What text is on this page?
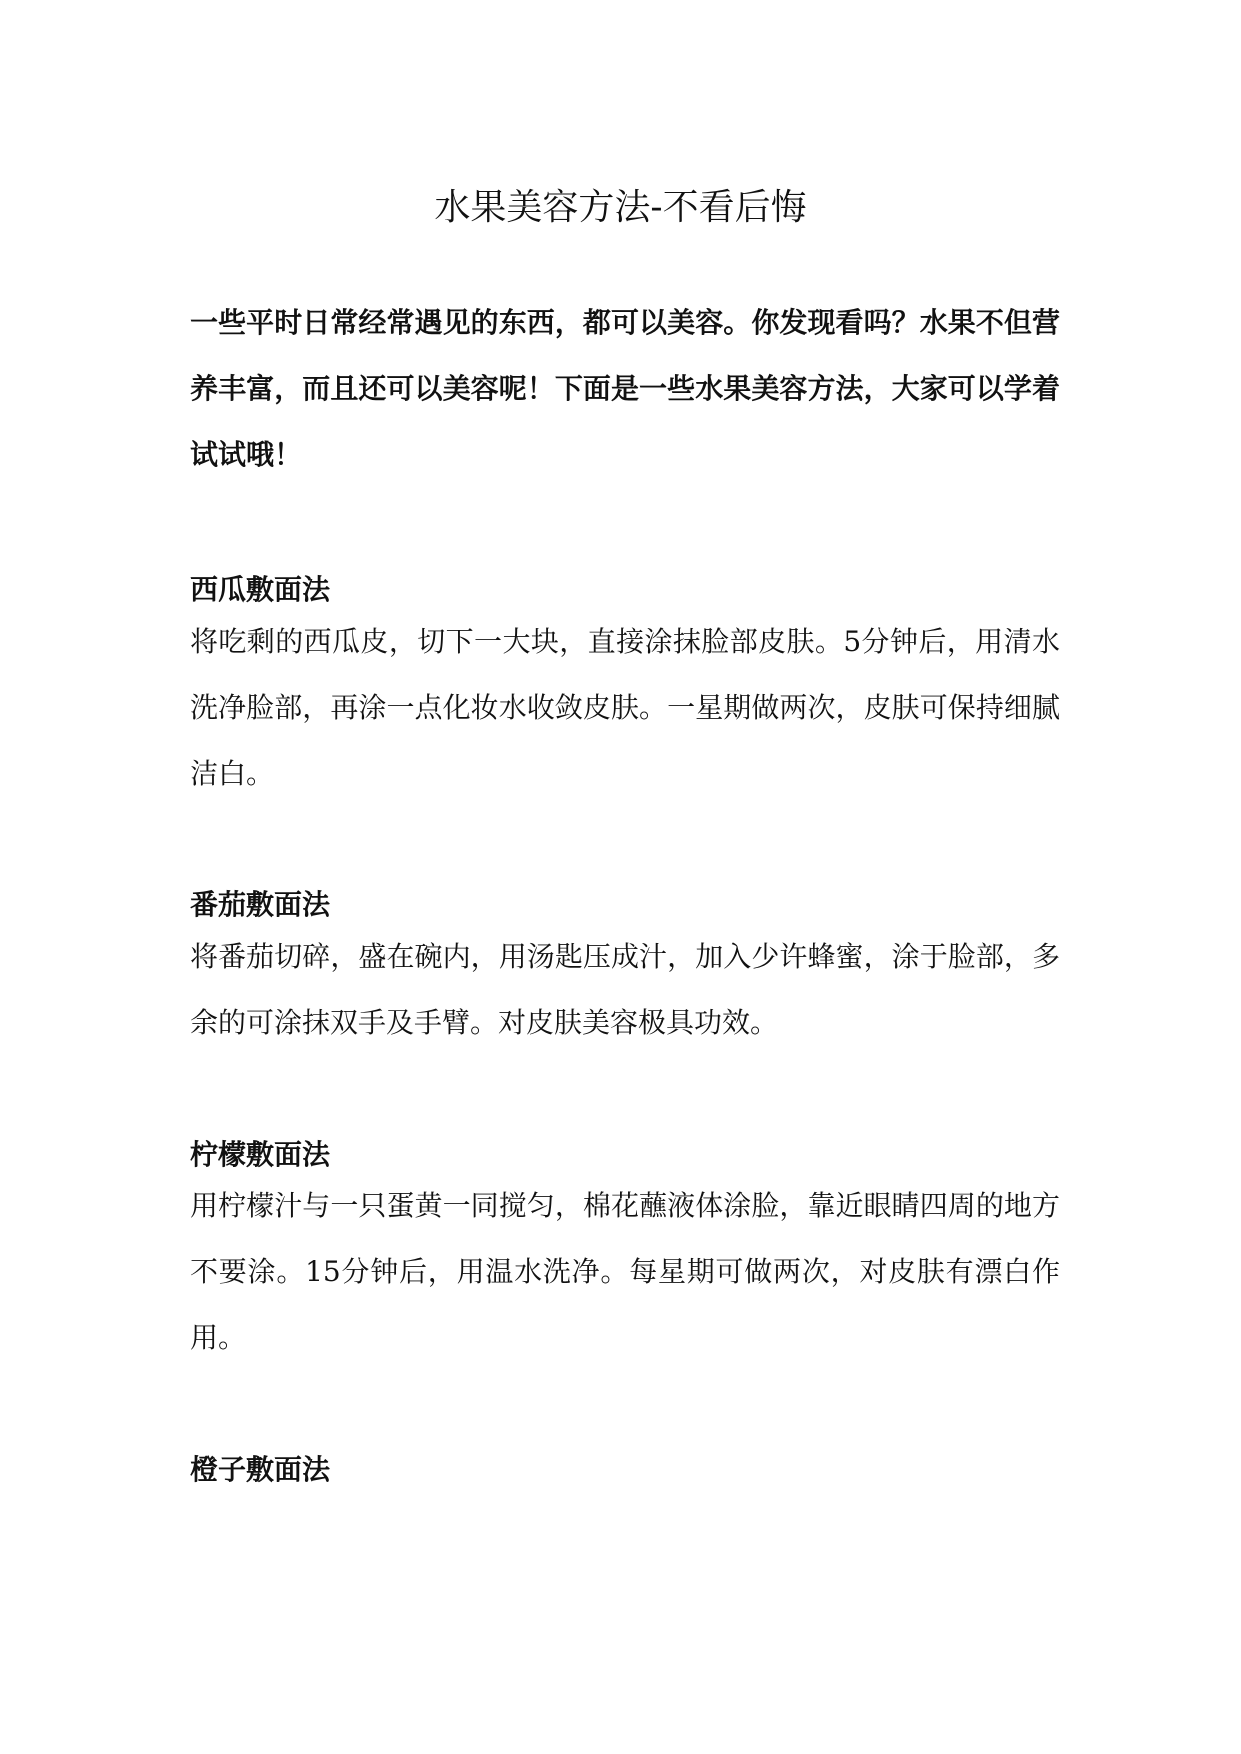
水果美容方法-不看后悔

一些平时日常经常遇见的东西，都可以美容。你发现看吗？水果不但营养丰富，而且还可以美容呢！下面是一些水果美容方法，大家可以学着试试哦！

西瓜敷面法

将吃剩的西瓜皮，切下一大块，直接涂抹脸部皮肤。5分钟后，用清水洗净脸部，再涂一点化妆水收敛皮肤。一星期做两次，皮肤可保持细腻洁白。

番茄敷面法

将番茄切碎，盛在碗内，用汤匙压成汁，加入少许蜂蜜，涂于脸部，多余的可涂抹双手及手臂。对皮肤美容极具功效。

柠檬敷面法

用柠檬汁与一只蛋黄一同搅匀，棉花蘸液体涂脸，靠近眼睛四周的地方不要涂。15分钟后，用温水洗净。每星期可做两次，对皮肤有漂白作用。

橙子敷面法
